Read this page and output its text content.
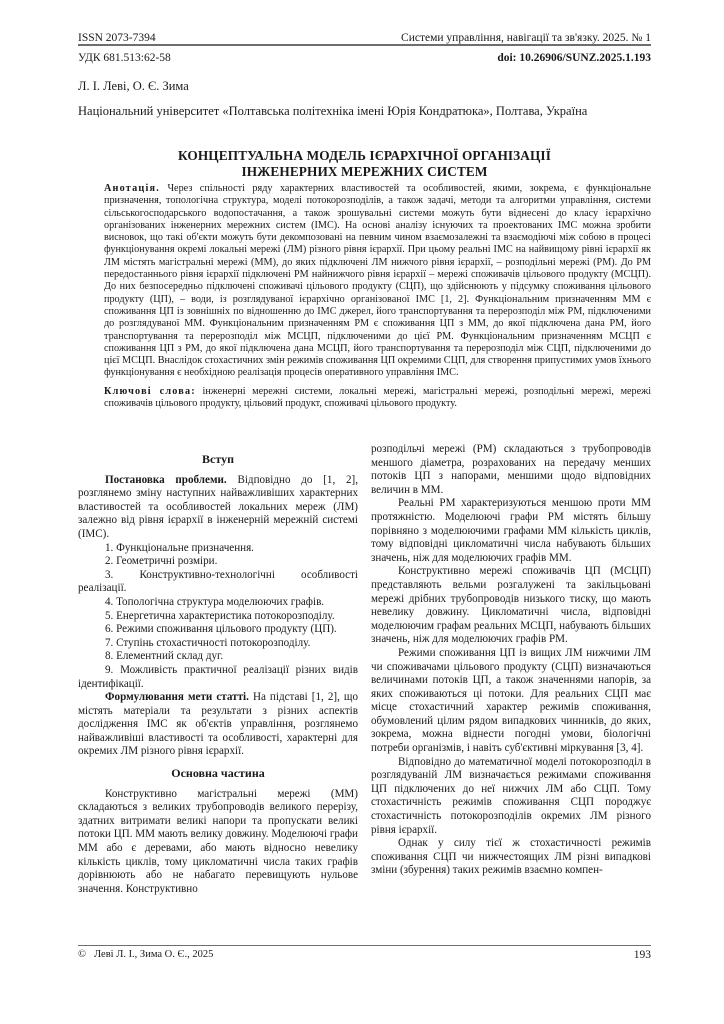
ISSN 2073-7394	Системи управління, навігації та зв'язку. 2025. № 1
УДК 681.513:62-58	doi: 10.26906/SUNZ.2025.1.193
Л. І. Леві, О. Є. Зима
Національний університет «Полтавська політехніка імені Юрія Кондратюка», Полтава, Україна
КОНЦЕПТУАЛЬНА МОДЕЛЬ ІЄРАРХІЧНОЇ ОРГАНІЗАЦІЇ
ІНЖЕНЕРНИХ МЕРЕЖНИХ СИСТЕМ

Анотація. Через спільності ряду характерних властивостей та особливостей, якими, зокрема, є функціональне призначення, топологічна структура, моделі потокорозподілів, а також задачі, методи та алгоритми управління, системи сільськогосподарського водопостачання, а також зрошувальні системи можуть бути віднесені до класу ієрархічно організованих інженерних мережних систем (ІМС). На основі аналізу існуючих та проектованих ІМС можна зробити висновок, що такі об'єкти можуть бути декомпозовані на певним чином взаємозалежні та взаємодіючі між собою в процесі функціонування окремі локальні мережі (ЛМ) різного рівня ієрархії. При цьому реальні ІМС на найвищому рівні ієрархії як ЛМ містять магістральні мережі (ММ), до яких підключені ЛМ нижчого рівня ієрархії, – розподільні мережі (РМ). До РМ передостаннього рівня ієрархії підключені РМ найнижчого рівня ієрархії – мережі споживачів цільового продукту (МСЦП). До них безпосередньо підключені споживачі цільового продукту (СЦП), що здійснюють у підсумку споживання цільового продукту (ЦП), – води, із розглядуваної ієрархічно організованої ІМС [1, 2]. Функціональним призначенням ММ є споживання ЦП із зовнішніх по відношенню до ІМС джерел, його транспортування та перерозподіл між РМ, підключеними до розглядуваної ММ. Функціональним призначенням РМ є споживання ЦП з ММ, до якої підключена дана РМ, його транспортування та перерозподіл між МСЦП, підключеними до цієї РМ. Функціональним призначенням МСЦП є споживання ЦП з РМ, до якої підключена дана МСЦП, його транспортування та перерозподіл між СЦП, підключеними до цієї МСЦП. Внаслідок стохастичних змін режимів споживання ЦП окремими СЦП, для створення припустимих умов їхнього функціонування є необхідною реалізація процесів оперативного управління ІМС.

Ключові слова: інженерні мережні системи, локальні мережі, магістральні мережі, розподільні мережі, мережі споживачів цільового продукту, цільовий продукт, споживачі цільового продукту.

Вступ

Постановка проблеми. Відповідно до [1, 2], розглянемо зміну наступних найважливіших характерних властивостей та особливостей локальних мереж (ЛМ) залежно від рівня ієрархії в інженерній мережній системі (ІМС).

1. Функціональне призначення.

2. Геометричні розміри.

3. Конструктивно-технологічні особливості реалізації.

4. Топологічна структура моделюючих графів.

5. Енергетична характеристика потокорозподілу.

6. Режими споживання цільового продукту (ЦП).

7. Ступінь стохастичності потокорозподілу.

8. Елементний склад дуг.

9. Можливість практичної реалізації різних видів ідентифікації.

Формулювання мети статті. На підставі [1, 2], що містять матеріали та результати з різних аспектів дослідження ІМС як об'єктів управління, розглянемо найважливіші властивості та особливості, характерні для окремих ЛМ різного рівня ієрархії.

Основна частина

Конструктивно магістральні мережі (ММ) складаються з великих трубопроводів великого перерізу, здатних витримати великі напори та пропускати великі потоки ЦП. ММ мають велику довжину. Моделюючі графи ММ або є деревами, або мають відносно невелику кількість циклів, тому цикломатичні числа таких графів дорівнюють або не набагато перевищують нульове значення. Конструктивно

розподільчі мережі (РМ) складаються з трубопроводів меншого діаметра, розрахованих на передачу менших потоків ЦП з напорами, меншими щодо відповідних величин в ММ.

Реальні РМ характеризуються меншою проти ММ протяжністю. Моделюючі графи РМ містять більшу порівняно з моделюючими графами ММ кількість циклів, тому відповідні цикломатичні числа набувають більших значень, ніж для моделюючих графів ММ.

Конструктивно мережі споживачів ЦП (МСЦП) представляють вельми розгалужені та закільцьовані мережі дрібних трубопроводів низького тиску, що мають невелику довжину. Цикломатичні числа, відповідні моделюючим графам реальних МСЦП, набувають більших значень, ніж для моделюючих графів РМ.

Режими споживання ЦП із вищих ЛМ нижчими ЛМ чи споживачами цільового продукту (СЦП) визначаються величинами потоків ЦП, а також значеннями напорів, за яких споживаються ці потоки. Для реальних СЦП має місце стохастичний характер режимів споживання, обумовлений цілим рядом випадкових чинників, до яких, зокрема, можна віднести погодні умови, біологічні потреби організмів, і навіть суб'єктивні міркування [3, 4].

Відповідно до математичної моделі потокорозподіл в розглядуваній ЛМ визначається режимами споживання ЦП підключених до неї нижчих ЛМ або СЦП. Тому стохастичність режимів споживання СЦП породжує стохастичність потокорозподілів окремих ЛМ різного рівня ієрархії.

Однак у силу тієї ж стохастичності режимів споживання СЦП чи нижчестоящих ЛМ різні випадкові зміни (збурення) таких режимів взаємно компен-

© Леві Л. І., Зима О. Є., 2025	193
